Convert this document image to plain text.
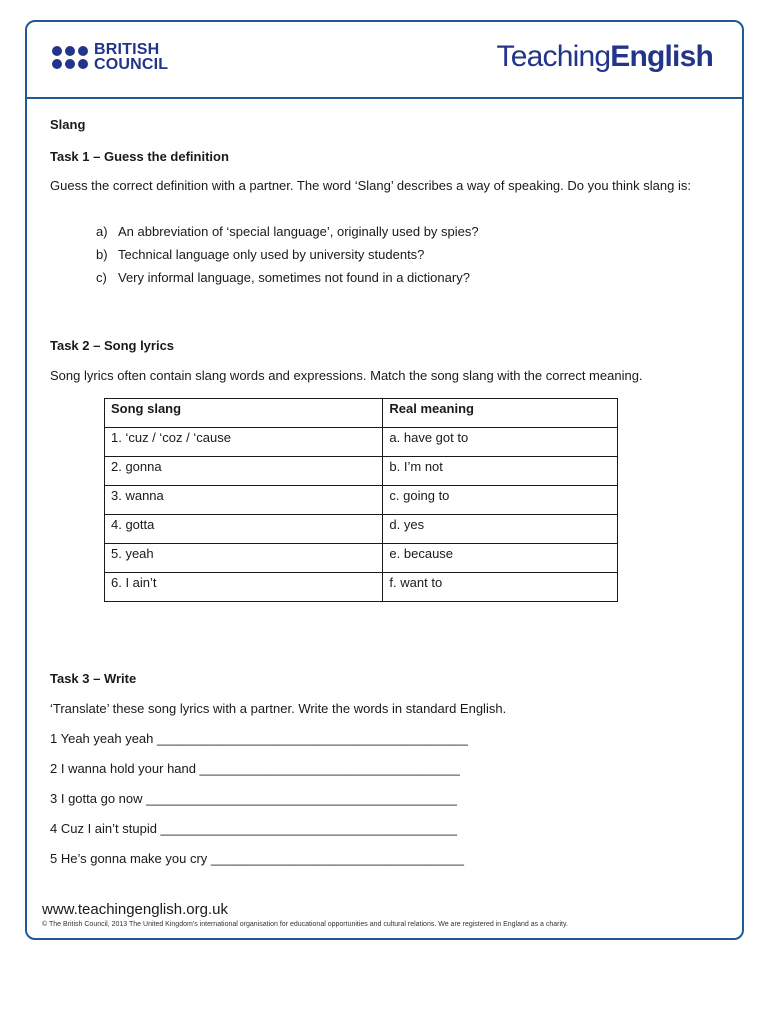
BRITISH
COUNCIL	TeachingEnglish
Slang
Task 1 – Guess the definition
Guess the correct definition with a partner. The word ‘Slang’ describes a way of speaking. Do you think slang is:
a) An abbreviation of ‘special language’, originally used by spies?
b) Technical language only used by university students?
c) Very informal language, sometimes not found in a dictionary?
Task 2 – Song lyrics
Song lyrics often contain slang words and expressions. Match the song slang with the correct meaning.
Song slang	Real meaning
1. ‘cuz / ‘coz / ‘cause	a. have got to
2. gonna	b. I’m not
3. wanna	c. going to
4. gotta	d. yes
5. yeah	e. because
6. I ain’t	f. want to
Task 3 – Write
‘Translate’ these song lyrics with a partner. Write the words in standard English.
1 Yeah yeah yeah ___________________________________________
2 I wanna hold your hand ____________________________________
3 I gotta go now ___________________________________________
4 Cuz I ain’t stupid _________________________________________
5 He’s gonna make you cry ___________________________________
www.teachingenglish.org.uk
© The British Council, 2013 The United Kingdom’s international organisation for educational opportunities and cultural relations. We are registered in England as a charity.
